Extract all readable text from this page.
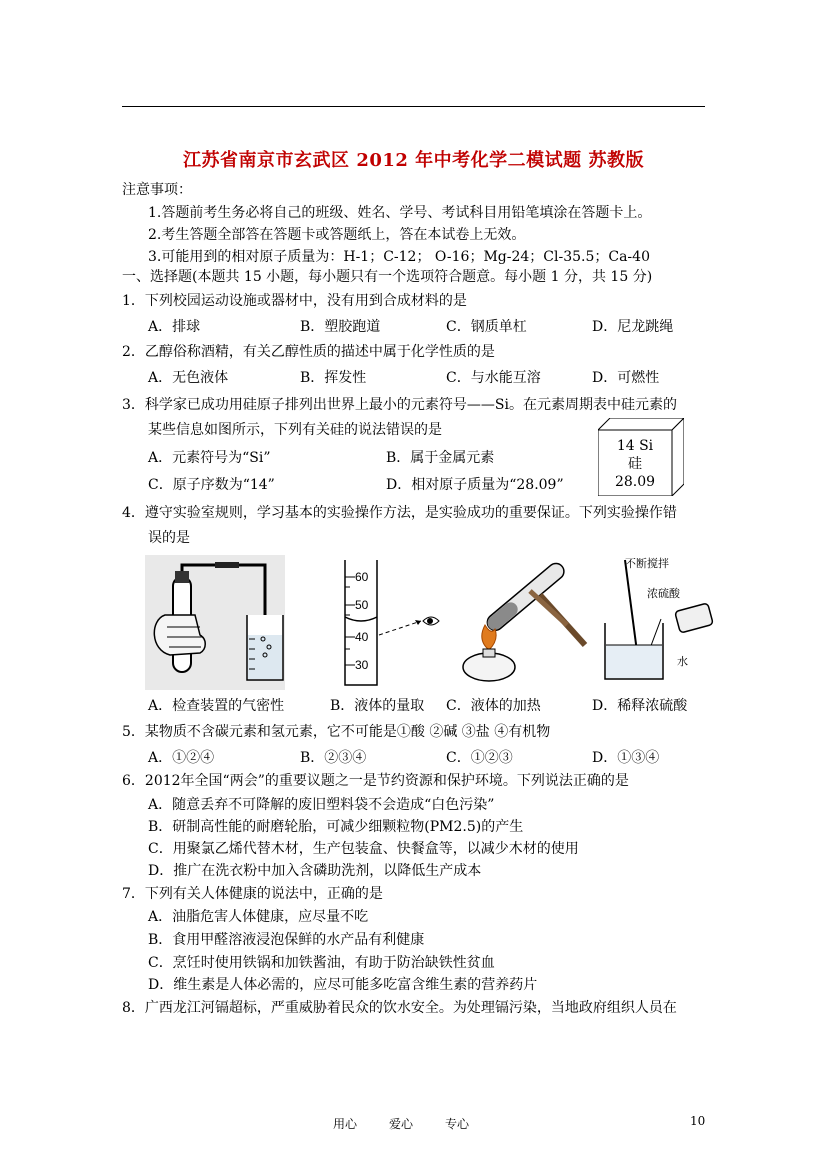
江苏省南京市玄武区 2012 年中考化学二模试题 苏教版
注意事项：
1.答题前考生务必将自己的班级、姓名、学号、考试科目用铅笔填涂在答题卡上。
2.考生答题全部答在答题卡或答题纸上，答在本试卷上无效。
3.可能用到的相对原子质量为：H-1；C-12； O-16；Mg-24；Cl-35.5；Ca-40
一、选择题(本题共 15 小题，每小题只有一个选项符合题意。每小题 1 分，共 15 分)
1．下列校园运动设施或器材中，没有用到合成材料的是
A．排球	B．塑胶跑道	C．钢质单杠	D．尼龙跳绳
2．乙醇俗称酒精，有关乙醇性质的描述中属于化学性质的是
A．无色液体	B．挥发性	C．与水能互溶	D．可燃性
3．科学家已成功用硅原子排列出世界上最小的元素符号——Si。在元素周期表中硅元素的
某些信息如图所示，下列有关硅的说法错误的是
A．元素符号为“Si”	B．属于金属元素
C．原子序数为“14”	D．相对原子质量为“28.09”
14 Si
硅
28.09
4．遵守实验室规则，学习基本的实验操作方法，是实验成功的重要保证。下列实验操作错
误的是
60
50
40
30
不断搅拌
浓硫酸
水
A．检查装置的气密性	B．液体的量取 C．液体的加热	D．稀释浓硫酸
5．某物质不含碳元素和氢元素，它不可能是①酸 ②碱 ③盐 ④有机物
A．①②④	B．②③④	C．①②③	D．①③④
6．2012年全国“两会”的重要议题之一是节约资源和保护环境。下列说法正确的是
A．随意丢弃不可降解的废旧塑料袋不会造成“白色污染”
B．研制高性能的耐磨轮胎，可减少细颗粒物(PM2.5)的产生
C．用聚氯乙烯代替木材，生产包装盒、快餐盒等，以减少木材的使用
D．推广在洗衣粉中加入含磷助洗剂，以降低生产成本
7．下列有关人体健康的说法中，正确的是
A．油脂危害人体健康，应尽量不吃
B．食用甲醛溶液浸泡保鲜的水产品有利健康
C．烹饪时使用铁锅和加铁酱油，有助于防治缺铁性贫血
D．维生素是人体必需的，应尽可能多吃富含维生素的营养药片
8．广西龙江河镉超标，严重威胁着民众的饮水安全。为处理镉污染，当地政府组织人员在
用心	爱心	专心	10
